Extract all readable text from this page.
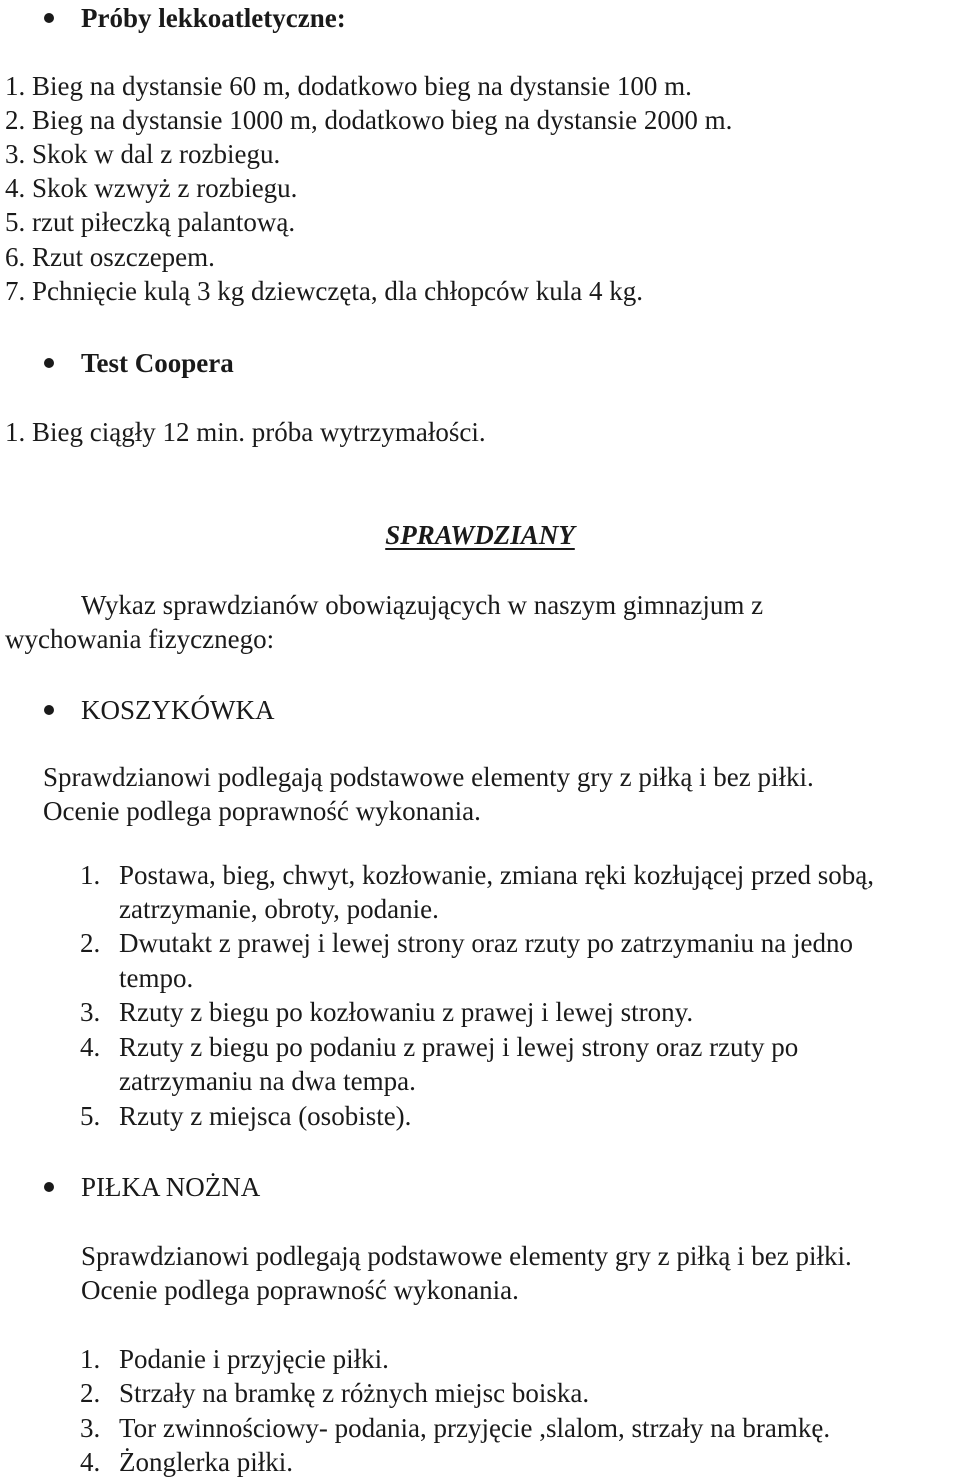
Próby lekkoatletyczne:
1. Bieg na dystansie 60 m, dodatkowo bieg na dystansie 100 m.
2. Bieg na dystansie 1000 m, dodatkowo bieg na dystansie 2000 m.
3. Skok w dal z rozbiegu.
4. Skok wzwyż z rozbiegu.
5. rzut piłeczką palantową.
6. Rzut oszczepem.
7. Pchnięcie kulą 3 kg dziewczęta, dla chłopców kula 4 kg.
Test Coopera
1. Bieg ciągły 12 min. próba wytrzymałości.
SPRAWDZIANY
Wykaz sprawdzianów obowiązujących w naszym gimnazjum z
wychowania fizycznego:
KOSZYKÓWKA
Sprawdzianowi podlegają podstawowe elementy gry z piłką i bez piłki.
Ocenie podlega poprawność wykonania.
1. Postawa, bieg, chwyt, kozłowanie, zmiana ręki kozłującej przed sobą,
zatrzymanie, obroty, podanie.
2. Dwutakt z prawej i lewej strony oraz rzuty po zatrzymaniu na jedno
tempo.
3. Rzuty z biegu po kozłowaniu z prawej i lewej strony.
4. Rzuty z biegu po podaniu z prawej i lewej strony oraz rzuty po
zatrzymaniu na dwa tempa.
5. Rzuty z miejsca (osobiste).
PIŁKA NOŻNA
Sprawdzianowi podlegają podstawowe elementy gry z piłką i bez piłki.
Ocenie podlega poprawność wykonania.
1. Podanie i przyjęcie piłki.
2. Strzały na bramkę z różnych miejsc boiska.
3. Tor zwinnościowy- podania, przyjęcie ,slalom, strzały na bramkę.
4. Żonglerka piłki.
